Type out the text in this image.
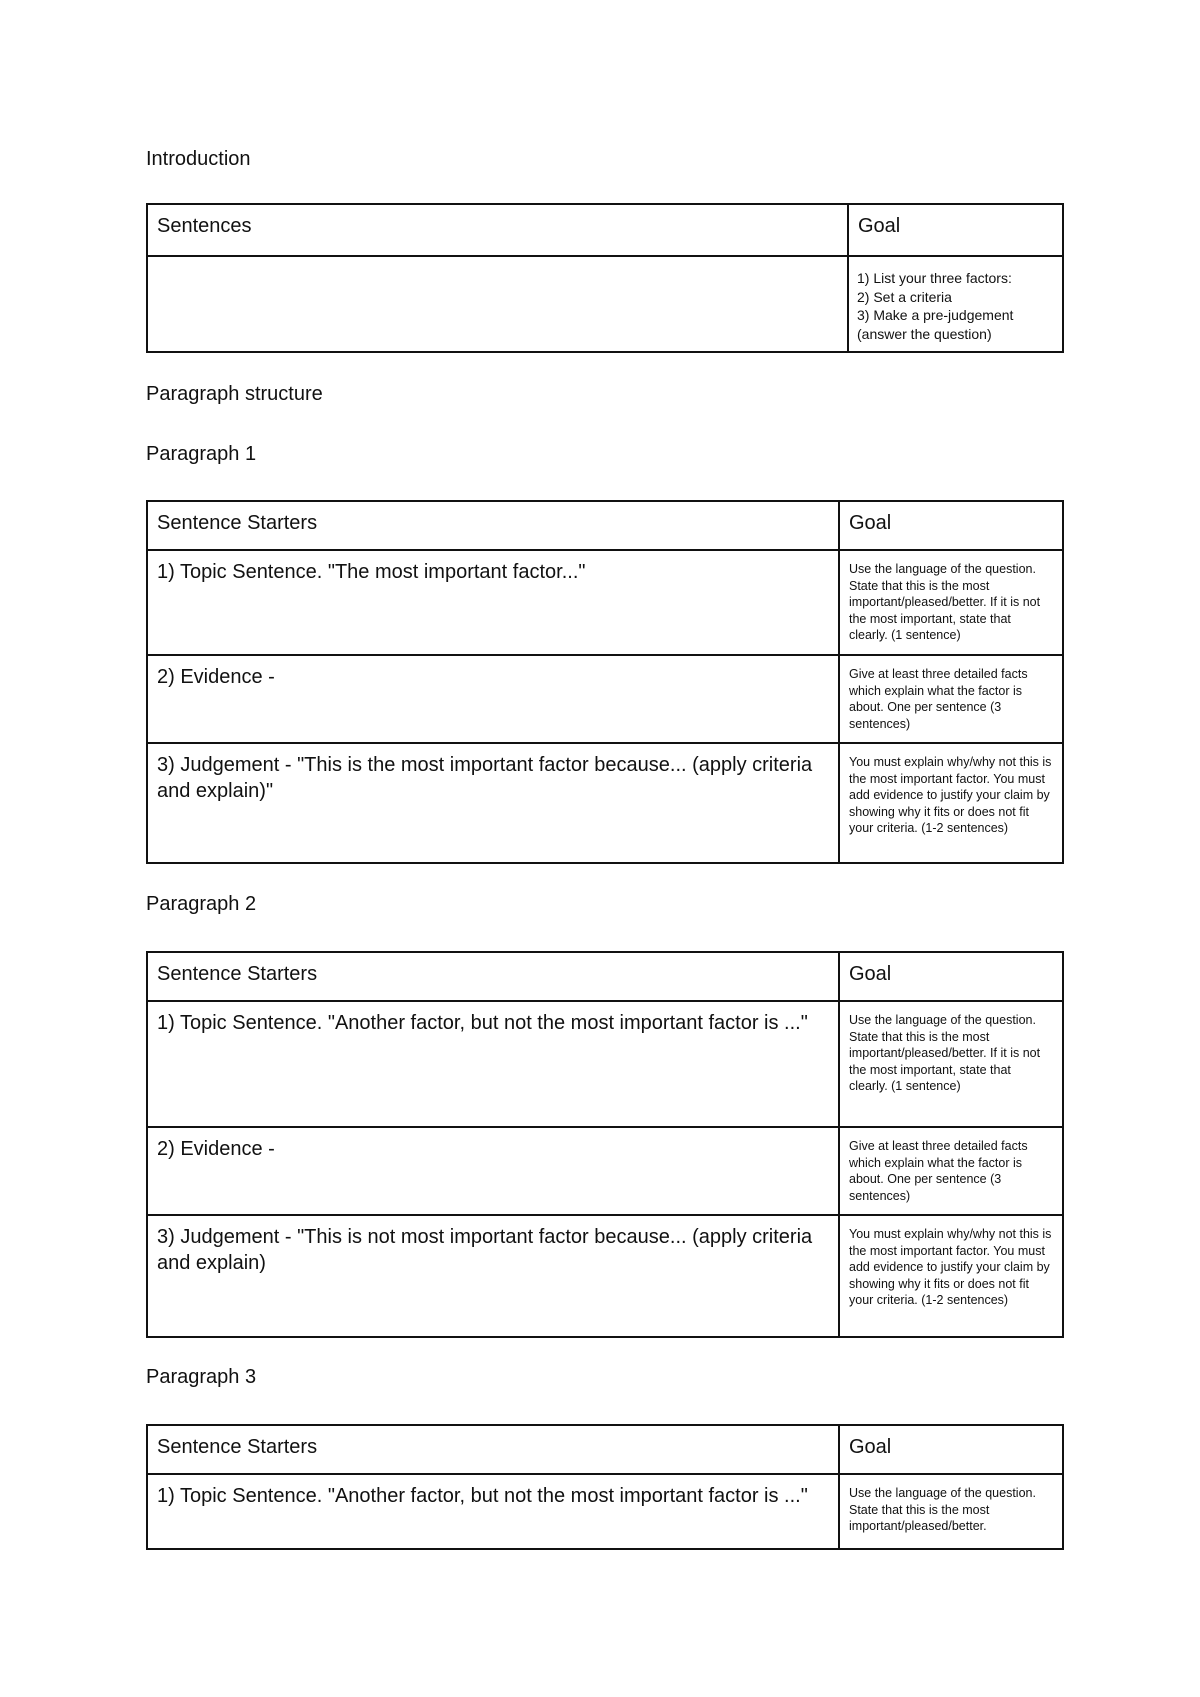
Introduction
Sentences	Goal
	1) List your three factors:
2) Set a criteria
3) Make a pre-judgement
(answer the question)
Paragraph structure
Paragraph 1
Sentence Starters	Goal
1) Topic Sentence. "The most important factor..."	Use the language of the question. State that this is the most important/pleased/better. If it is not the most important, state that clearly. (1 sentence)
2) Evidence -	Give at least three detailed facts which explain what the factor is about. One per sentence (3 sentences)
3) Judgement - "This is the most important factor because... (apply criteria and explain)"	You must explain why/why not this is the most important factor. You must add evidence to justify your claim by showing why it fits or does not fit your criteria. (1-2 sentences)
Paragraph 2
Sentence Starters	Goal
1) Topic Sentence. "Another factor, but not the most important factor is ..."	Use the language of the question. State that this is the most important/pleased/better. If it is not the most important, state that clearly. (1 sentence)
2) Evidence -	Give at least three detailed facts which explain what the factor is about. One per sentence (3 sentences)
3) Judgement - "This is not most important factor because... (apply criteria and explain)	You must explain why/why not this is the most important factor. You must add evidence to justify your claim by showing why it fits or does not fit your criteria. (1-2 sentences)
Paragraph 3
Sentence Starters	Goal
1) Topic Sentence. "Another factor, but not the most important factor is ..."	Use the language of the question. State that this is the most important/pleased/better.
